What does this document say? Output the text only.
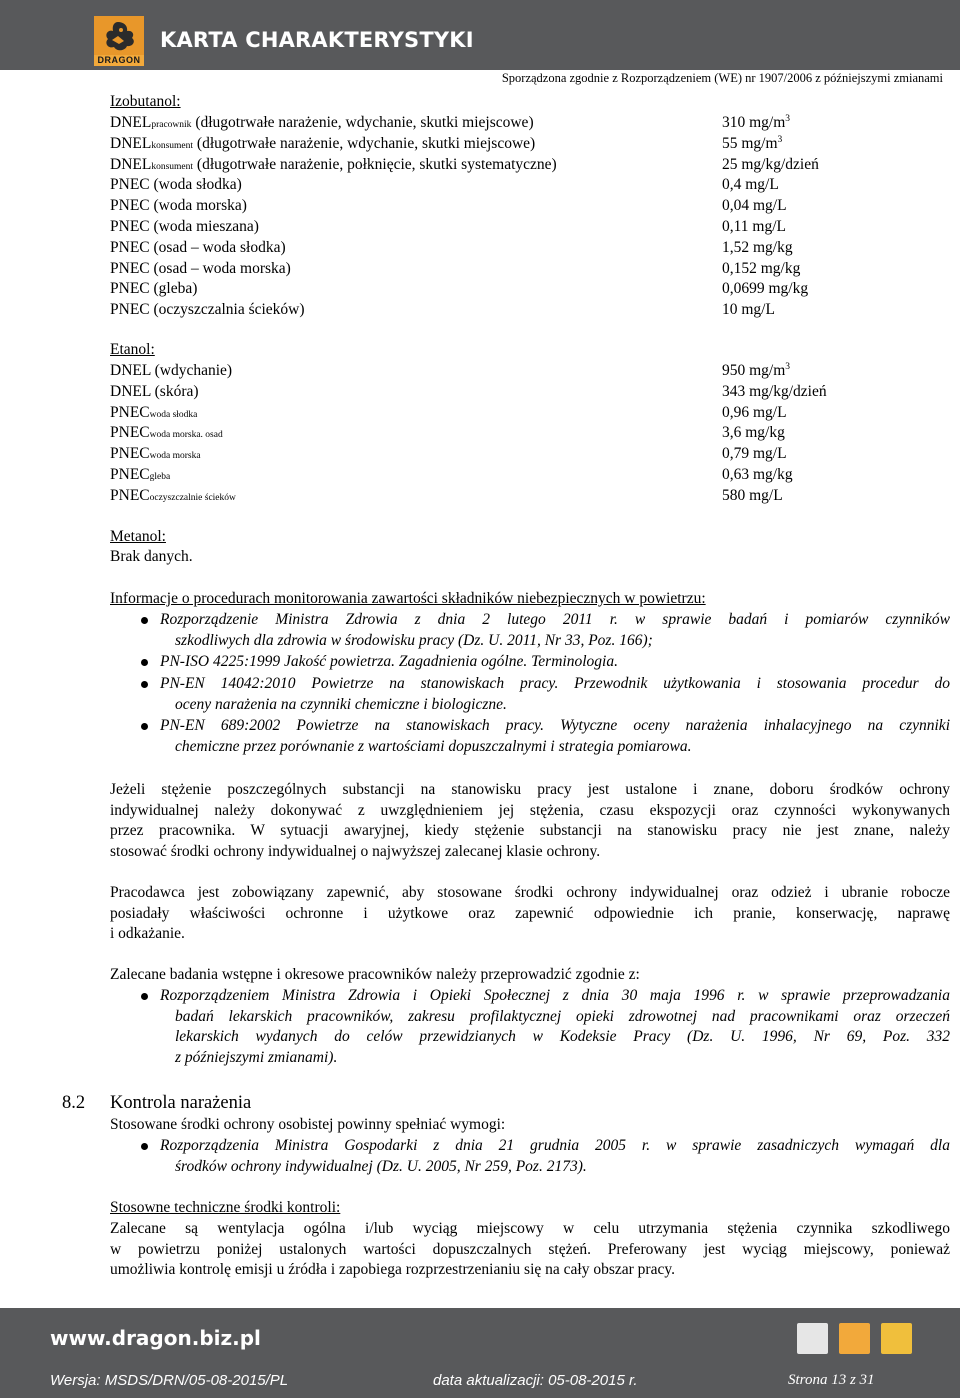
DRAGON
KARTA CHARAKTERYSTYKI
Sporządzona zgodnie z Rozporządzeniem (WE) nr 1907/2006 z późniejszymi zmianami
Izobutanol:
DNELpracownik (długotrwałe narażenie, wdychanie, skutki miejscowe)	310 $mg/m^3$
DNELkonsument (długotrwałe narażenie, wdychanie, skutki miejscowe)	55 $mg/m^3$
DNELkonsument (długotrwałe narażenie, połknięcie, skutki systematyczne)	25 mg/kg/dzień
PNEC (woda słodka)	0,4 mg/L
PNEC (woda morska)	0,04 mg/L
PNEC (woda mieszana)	0,11 mg/L
PNEC (osad – woda słodka)	1,52 mg/kg
PNEC (osad – woda morska)	0,152 mg/kg
PNEC (gleba)	0,0699 mg/kg
PNEC (oczyszczalnia ścieków)	10 mg/L
Etanol:
DNEL (wdychanie)	950 $mg/m^3$
DNEL (skóra)	343 mg/kg/dzień
PNECwoda słodka	0,96 mg/L
PNECwoda morska. osad	3,6 mg/kg
PNECwoda morska	0,79 mg/L
PNECgleba	0,63 mg/kg
PNECoczyszczalnie ścieków	580 mg/L
Metanol:
Brak danych.
Informacje o procedurach monitorowania zawartości składników niebezpiecznych w powietrzu:
Rozporządzenie Ministra Zdrowia z dnia 2 lutego 2011 r. w sprawie badań i pomiarów czynników
szkodliwych dla zdrowia w środowisku pracy (Dz. U. 2011, Nr 33, Poz. 166);
PN-ISO 4225:1999 Jakość powietrza. Zagadnienia ogólne. Terminologia.
PN-EN 14042:2010 Powietrze na stanowiskach pracy. Przewodnik użytkowania i stosowania procedur do
oceny narażenia na czynniki chemiczne i biologiczne.
PN-EN 689:2002 Powietrze na stanowiskach pracy. Wytyczne oceny narażenia inhalacyjnego na czynniki
chemiczne przez porównanie z wartościami dopuszczalnymi i strategia pomiarowa.
Jeżeli stężenie poszczególnych substancji na stanowisku pracy jest ustalone i znane, doboru środków ochrony
indywidualnej należy dokonywać z uwzględnieniem jej stężenia, czasu ekspozycji oraz czynności wykonywanych
przez pracownika. W sytuacji awaryjnej, kiedy stężenie substancji na stanowisku pracy nie jest znane, należy
stosować środki ochrony indywidualnej o najwyższej zalecanej klasie ochrony.
Pracodawca jest zobowiązany zapewnić, aby stosowane środki ochrony indywidualnej oraz odzież i ubranie robocze
posiadały właściwości ochronne i użytkowe oraz zapewnić odpowiednie ich pranie, konserwację, naprawę
i odkażanie.
Zalecane badania wstępne i okresowe pracowników należy przeprowadzić zgodnie z:
Rozporządzeniem Ministra Zdrowia i Opieki Społecznej z dnia 30 maja 1996 r. w sprawie przeprowadzania
badań lekarskich pracowników, zakresu profilaktycznej opieki zdrowotnej nad pracownikami oraz orzeczeń
lekarskich wydanych do celów przewidzianych w Kodeksie Pracy (Dz. U. 1996, Nr 69, Poz. 332
z późniejszymi zmianami).
8.2 Kontrola narażenia
Stosowane środki ochrony osobistej powinny spełniać wymogi:
Rozporządzenia Ministra Gospodarki z dnia 21 grudnia 2005 r. w sprawie zasadniczych wymagań dla
środków ochrony indywidualnej (Dz. U. 2005, Nr 259, Poz. 2173).
Stosowne techniczne środki kontroli:
Zalecane są wentylacja ogólna i/lub wyciąg miejscowy w celu utrzymania stężenia czynnika szkodliwego
w powietrzu poniżej ustalonych wartości dopuszczalnych stężeń. Preferowany jest wyciąg miejscowy, ponieważ
umożliwia kontrolę emisji u źródła i zapobiega rozprzestrzenianiu się na cały obszar pracy.
www.dragon.biz.pl
Wersja: MSDS/DRN/05-08-2015/PL	data aktualizacji: 05-08-2015 r.	Strona 13 z 31
